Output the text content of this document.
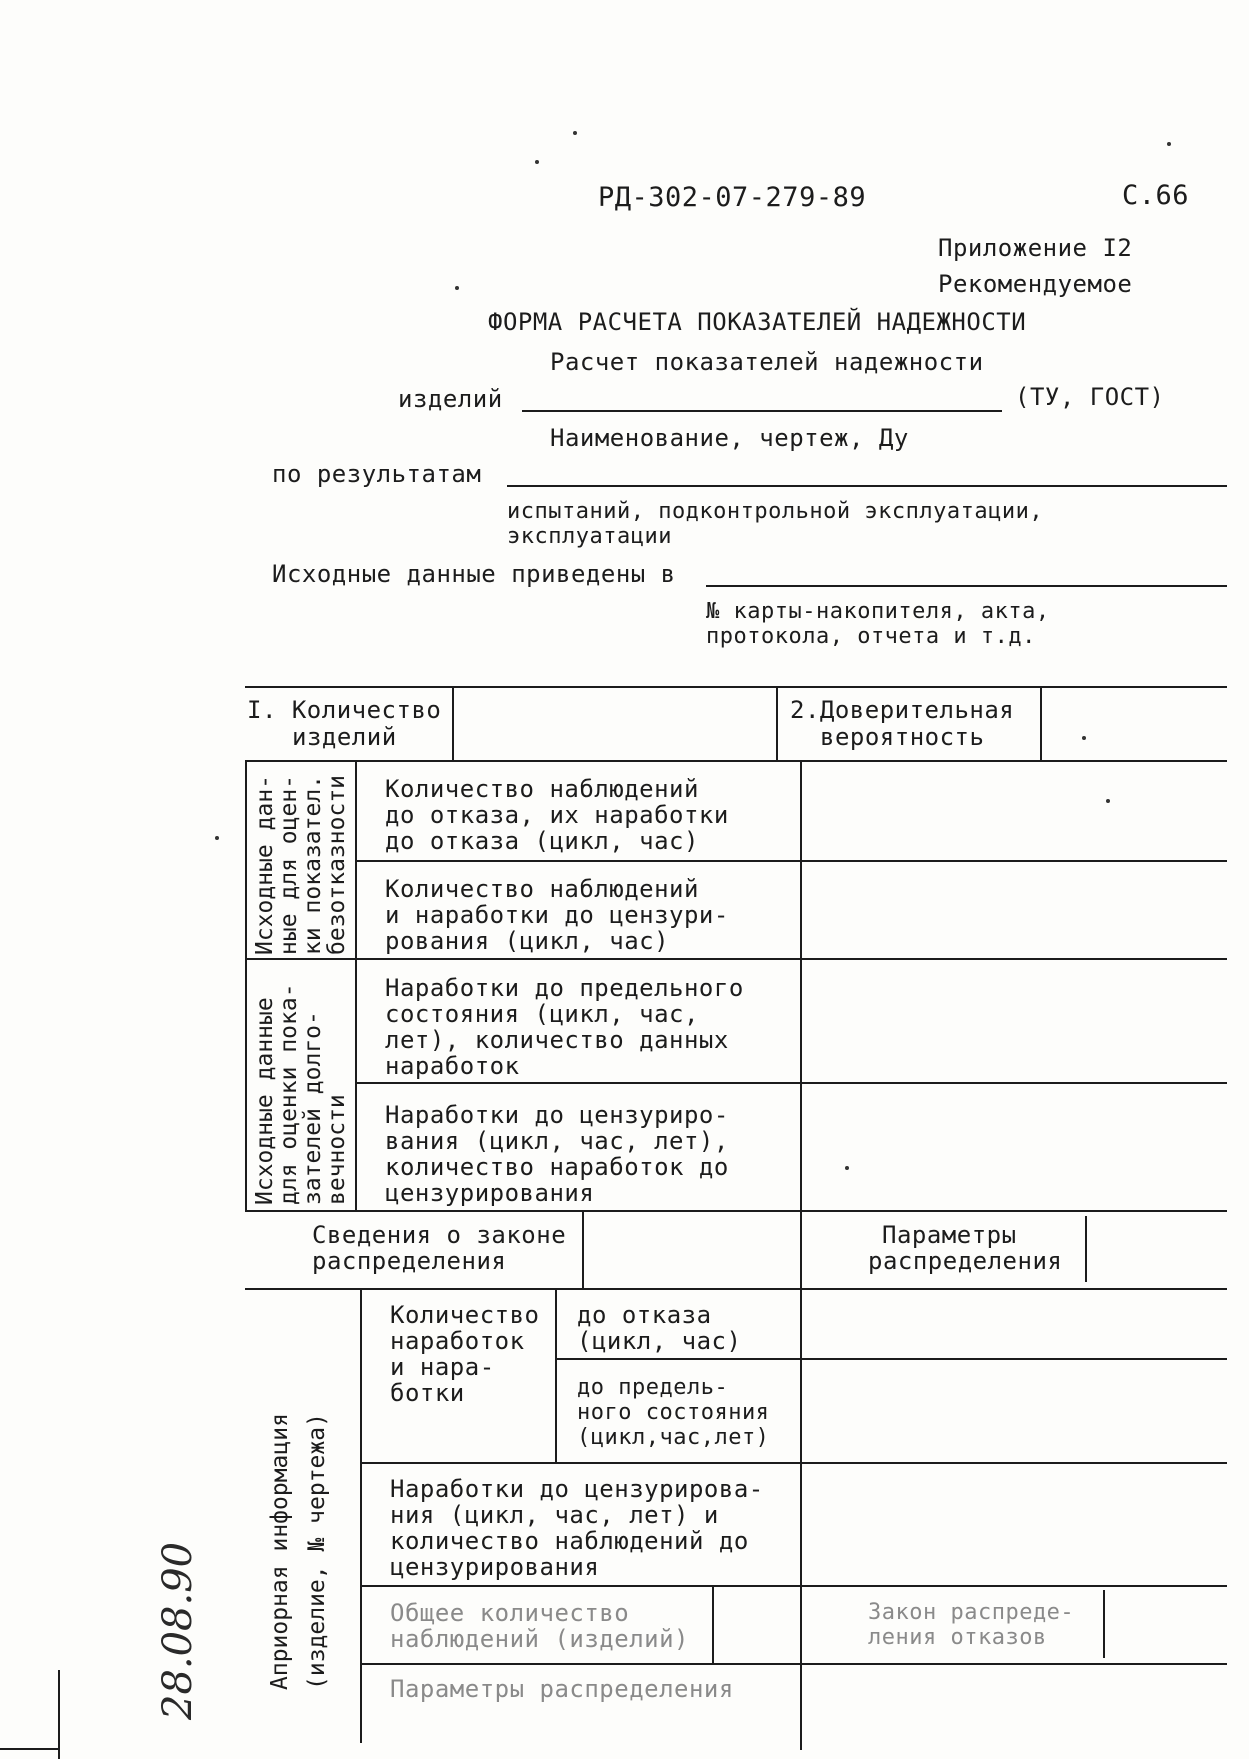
РД-302-07-279-89	С.66
Приложение I2
Рекомендуемое
ФОРМА РАСЧЕТА ПОКАЗАТЕЛЕЙ НАДЕЖНОСТИ
Расчет показателей надежности
изделий	(ТУ, ГОСТ)
Наименование, чертеж, Ду
по результатам
испытаний, подконтрольной эксплуатации,
эксплуатации
Исходные данные приведены в
№ карты-накопителя, акта,
протокола, отчета и т.д.
I. Количество
изделий
2.Доверительная
вероятность
Исходные дан-
ные для оцен-
ки показател.
безотказности Количество наблюдений
до отказа, их наработки
до отказа (цикл, час)
Количество наблюдений
и наработки до цензури-
рования (цикл, час)
Исходные данные
для оценки пока-
зателей долго-
вечности
Наработки до предельного
состояния (цикл, час,
лет), количество данных
наработок
Наработки до цензуриро-
вания (цикл, час, лет),
количество наработок до
цензурирования
Сведения о законе
распределения
Параметры
распределения
Априорная информация (изделие, № чертежа)
Количество
наработок
и нара-
ботки
до отказа
(цикл, час)
до предель-
ного состояния
(цикл,час,лет)
Наработки до цензурирова-
ния (цикл, час, лет) и
количество наблюдений до
цензурирования
Общее количество
наблюдений (изделий)
Закон распреде-
ления отказов
Параметры распределения
28.08.90
